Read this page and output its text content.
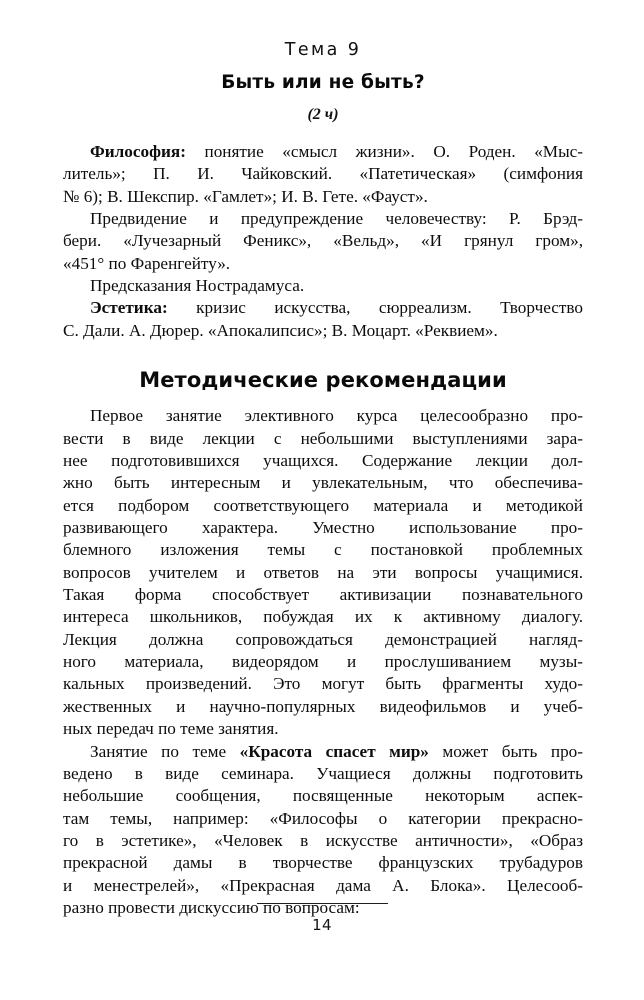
Тема 9
Быть или не быть?
(2 ч)
Философия: понятие «смысл жизни». О. Роден. «Мыс-
литель»; П. И. Чайковский. «Патетическая» (симфония
№ 6); В. Шекспир. «Гамлет»; И. В. Гете. «Фауст».
Предвидение и предупреждение человечеству: Р. Брэд-
бери. «Лучезарный Феникс», «Вельд», «И грянул гром»,
«451° по Фаренгейту».
Предсказания Нострадамуса.
Эстетика: кризис искусства, сюрреализм. Творчество
С. Дали. А. Дюрер. «Апокалипсис»; В. Моцарт. «Реквием».
Методические рекомендации
Первое занятие элективного курса целесообразно про-
вести в виде лекции с небольшими выступлениями зара-
нее подготовившихся учащихся. Содержание лекции дол-
жно быть интересным и увлекательным, что обеспечива-
ется подбором соответствующего материала и методикой
развивающего характера. Уместно использование про-
блемного изложения темы с постановкой проблемных
вопросов учителем и ответов на эти вопросы учащимися.
Такая форма способствует активизации познавательного
интереса школьников, побуждая их к активному диалогу.
Лекция должна сопровождаться демонстрацией нагляд-
ного материала, видеорядом и прослушиванием музы-
кальных произведений. Это могут быть фрагменты худо-
жественных и научно-популярных видеофильмов и учеб-
ных передач по теме занятия.
Занятие по теме «Красота спасет мир» может быть про-
ведено в виде семинара. Учащиеся должны подготовить
небольшие сообщения, посвященные некоторым аспек-
там темы, например: «Философы о категории прекрасно-
го в эстетике», «Человек в искусстве античности», «Образ
прекрасной дамы в творчестве французских трубадуров
и менестрелей», «Прекрасная дама А. Блока». Целесооб-
разно провести дискуссию по вопросам:
14
